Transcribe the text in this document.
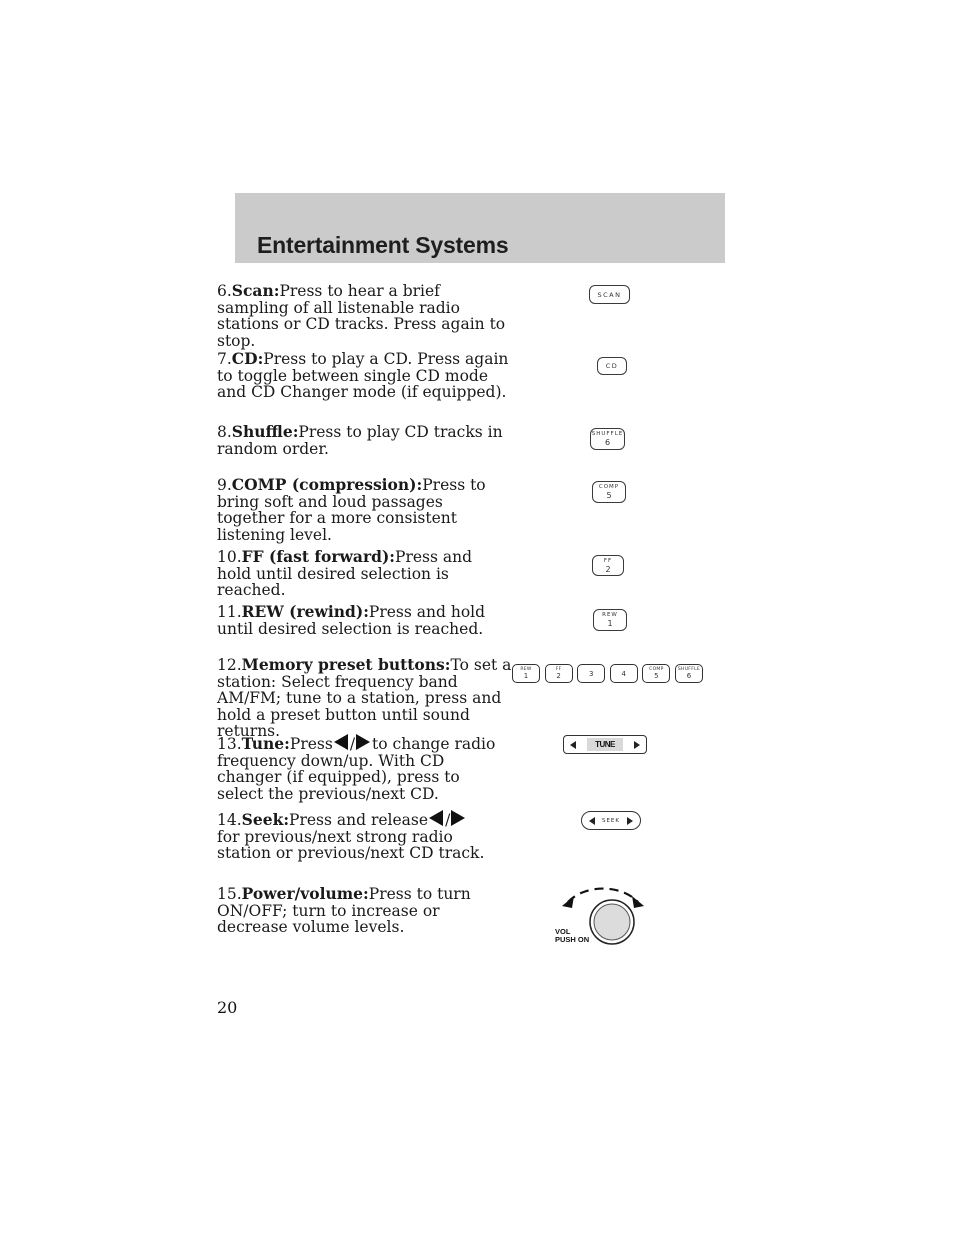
Entertainment Systems
6.Scan:Press to hear a brief sampling of all listenable radio stations or CD tracks. Press again to stop.
SCAN
7.CD:Press to play a CD. Press again to toggle between single CD mode and CD Changer mode (if equipped).
CD
8.Shuffle:Press to play CD tracks in random order.
SHUFFLE
6
9.COMP (compression):Press to bring soft and loud passages together for a more consistent listening level.
COMP
5
10.FF (fast forward):Press and hold until desired selection is reached.
FF
2
11.REW (rewind):Press and hold until desired selection is reached.
REW
1
12.Memory preset buttons:To set a station: Select frequency band AM/FM; tune to a station, press and hold a preset button until sound returns.
REW
1
FF
2	3	4	COMP
5
SHUFFLE
6
13.Tune:Press / to change radio frequency down/up. With CD changer (if equipped), press to select the previous/next CD.
TUNE
14.Seek:Press and release /for previous/next strong radio station or previous/next CD track.
SEEK
15.Power/volume:Press to turn ON/OFF; turn to increase or decrease volume levels.	VOL
PUSH ON
20
